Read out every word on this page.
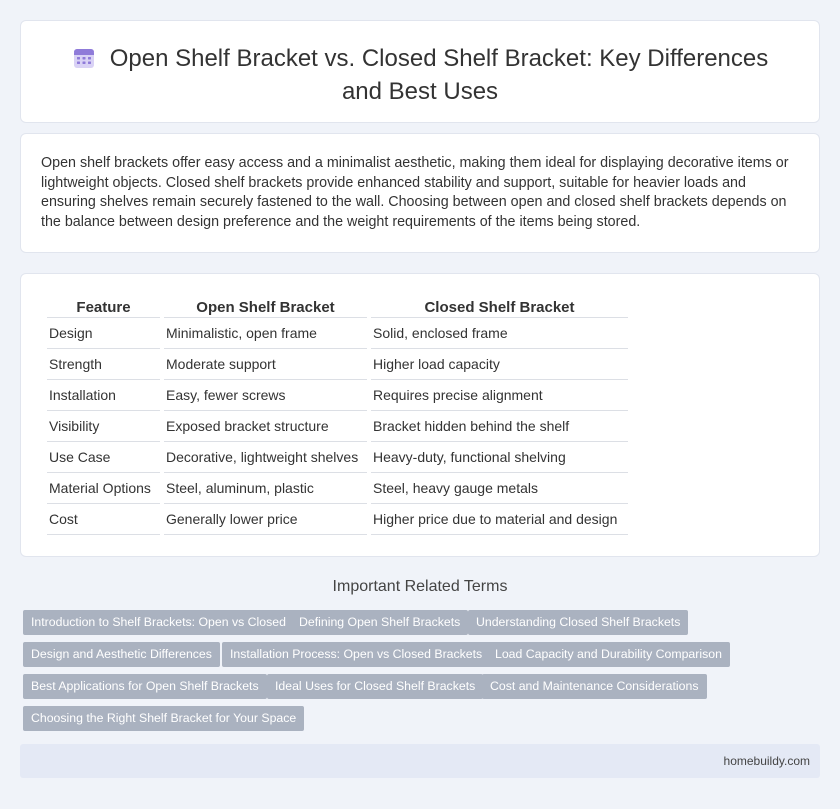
Open Shelf Bracket vs. Closed Shelf Bracket: Key Differences and Best Uses

Open shelf brackets offer easy access and a minimalist aesthetic, making them ideal for displaying decorative items or lightweight objects. Closed shelf brackets provide enhanced stability and support, suitable for heavier loads and ensuring shelves remain securely fastened to the wall. Choosing between open and closed shelf brackets depends on the balance between design preference and the weight requirements of the items being stored.

Feature	Open Shelf Bracket	Closed Shelf Bracket
Design	Minimalistic, open frame	Solid, enclosed frame
Strength	Moderate support	Higher load capacity
Installation	Easy, fewer screws	Requires precise alignment
Visibility	Exposed bracket structure	Bracket hidden behind the shelf
Use Case	Decorative, lightweight shelves	Heavy-duty, functional shelving
Material Options	Steel, aluminum, plastic	Steel, heavy gauge metals
Cost	Generally lower price	Higher price due to material and design
Important Related Terms
Introduction to Shelf Brackets: Open vs Closed	Defining Open Shelf Brackets	Understanding Closed Shelf Brackets
Design and Aesthetic Differences	Installation Process: Open vs Closed Brackets	Load Capacity and Durability Comparison
Best Applications for Open Shelf Brackets	Ideal Uses for Closed Shelf Brackets	Cost and Maintenance Considerations
Choosing the Right Shelf Bracket for Your Space
homebuildy.com
